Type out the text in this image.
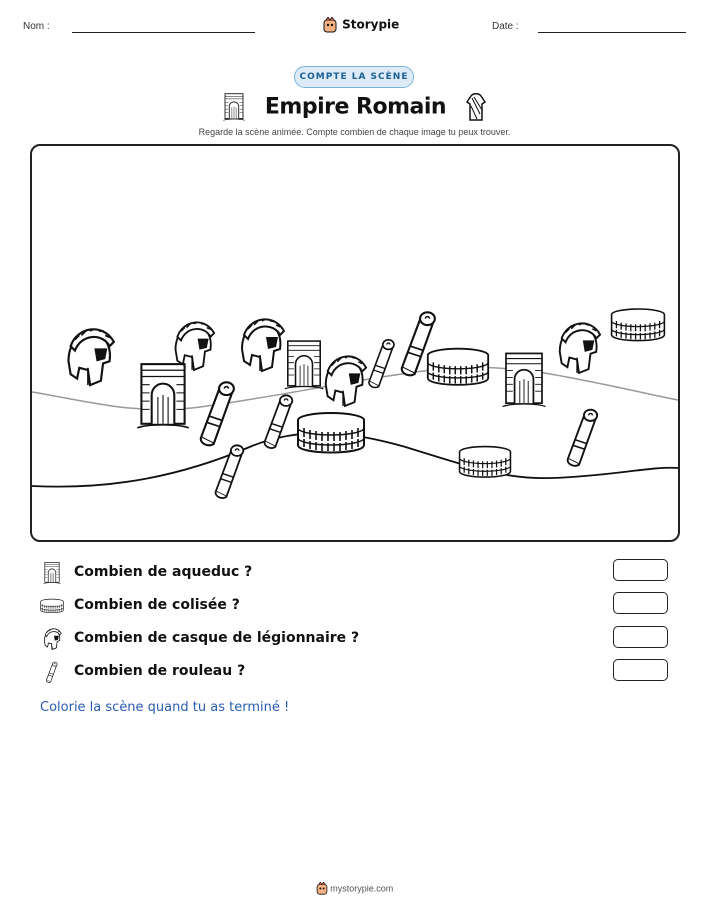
Nom :	Storypie	Date :
COMPTE LA SCÈNE
Empire Romain
Regarde la scène animée. Compte combien de chaque image tu peux trouver.
Combien de aqueduc ?
Combien de colisée ?
Combien de casque de légionnaire ?
Combien de rouleau ?
Colorie la scène quand tu as terminé !
mystorypie.com
